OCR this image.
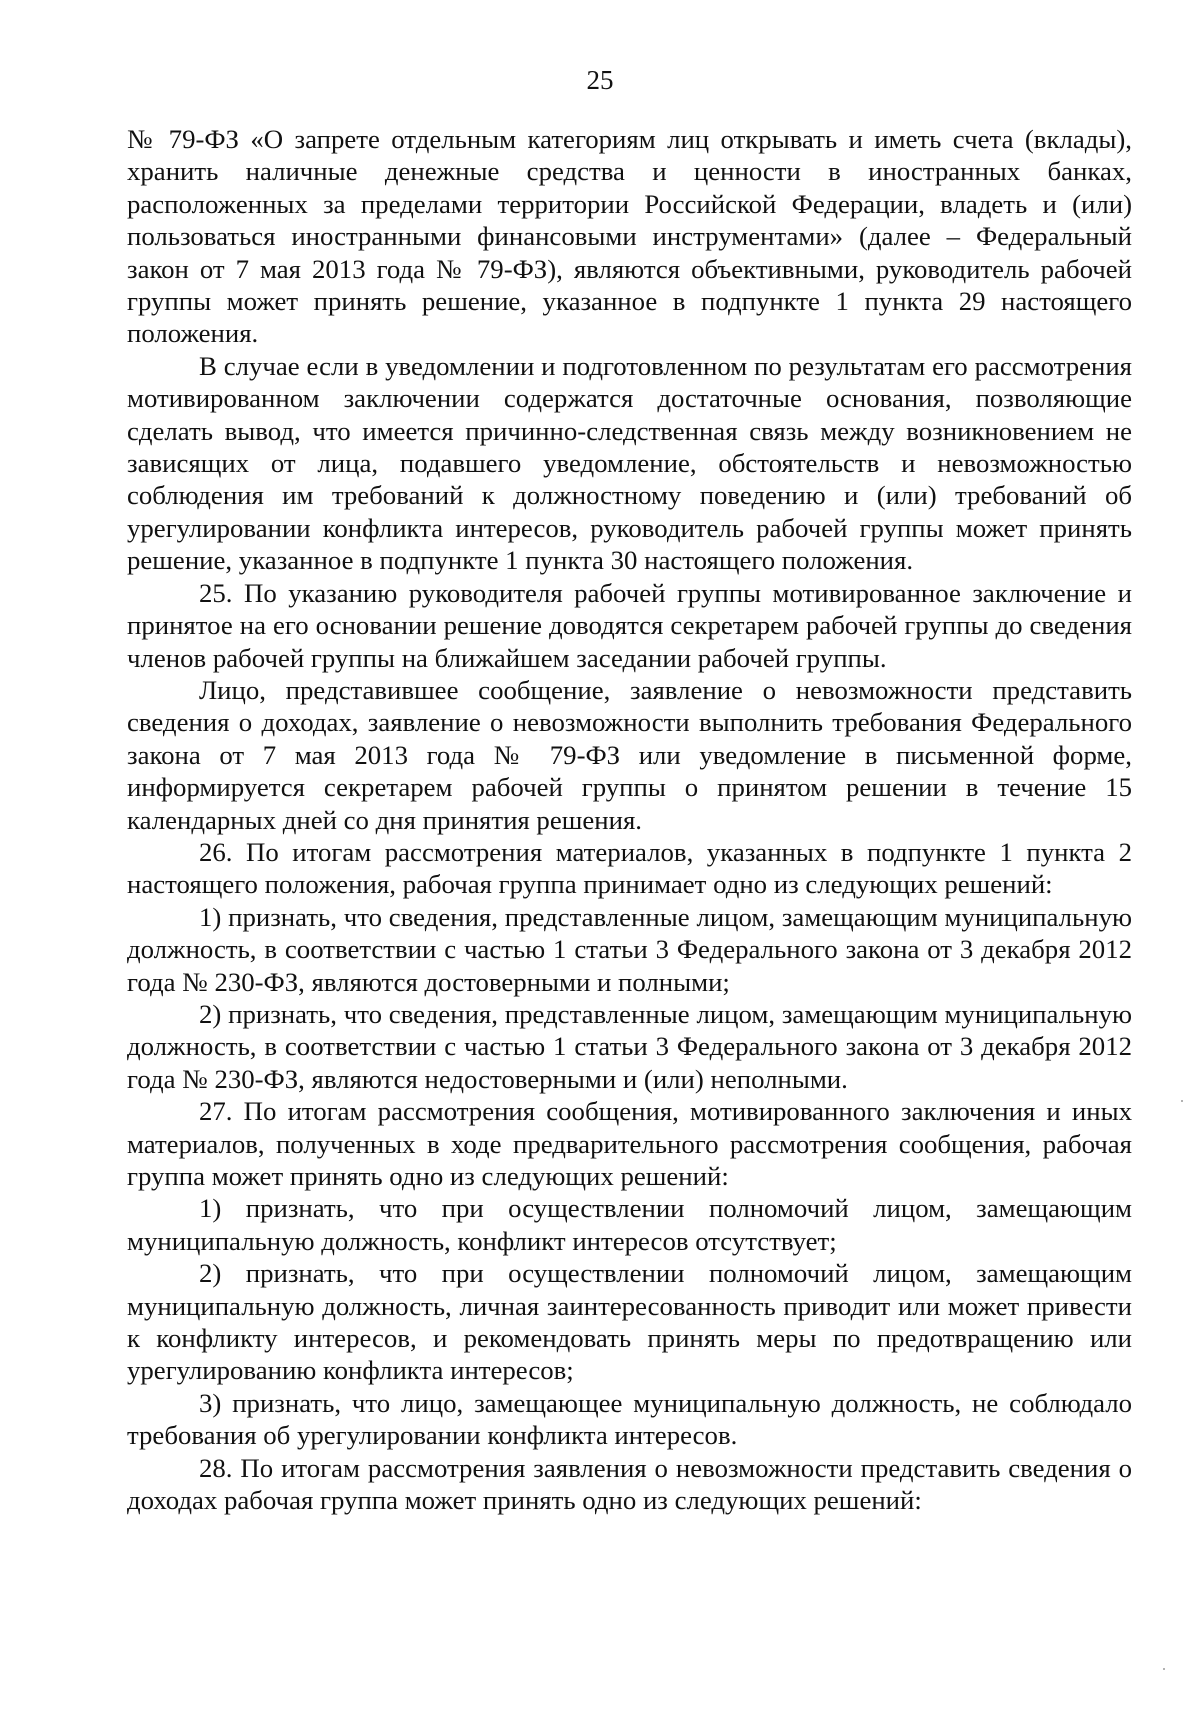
25

№ 79-ФЗ «О запрете отдельным категориям лиц открывать и иметь счета (вклады), хранить наличные денежные средства и ценности в иностранных банках, расположенных за пределами территории Российской Федерации, владеть и (или) пользоваться иностранными финансовыми инструментами» (далее – Федеральный закон от 7 мая 2013 года № 79-ФЗ), являются объективными, руководитель рабочей группы может принять решение, указанное в подпункте 1 пункта 29 настоящего положения.

В случае если в уведомлении и подготовленном по результатам его рассмотрения мотивированном заключении содержатся достаточные основания, позволяющие сделать вывод, что имеется причинно-следственная связь между возникновением не зависящих от лица, подавшего уведомление, обстоятельств и невозможностью соблюдения им требований к должностному поведению и (или) требований об урегулировании конфликта интересов, руководитель рабочей группы может принять решение, указанное в подпункте 1 пункта 30 настоящего положения.

25. По указанию руководителя рабочей группы мотивированное заключение и принятое на его основании решение доводятся секретарем рабочей группы до сведения членов рабочей группы на ближайшем заседании рабочей группы.

Лицо, представившее сообщение, заявление о невозможности представить сведения о доходах, заявление о невозможности выполнить требования Федерального закона от 7 мая 2013 года № 79-ФЗ или уведомление в письменной форме, информируется секретарем рабочей группы о принятом решении в течение 15 календарных дней со дня принятия решения.

26. По итогам рассмотрения материалов, указанных в подпункте 1 пункта 2 настоящего положения, рабочая группа принимает одно из следующих решений:

1) признать, что сведения, представленные лицом, замещающим муниципальную должность, в соответствии с частью 1 статьи 3 Федерального закона от 3 декабря 2012 года № 230-ФЗ, являются достоверными и полными;

2) признать, что сведения, представленные лицом, замещающим муниципальную должность, в соответствии с частью 1 статьи 3 Федерального закона от 3 декабря 2012 года № 230-ФЗ, являются недостоверными и (или) неполными.

27. По итогам рассмотрения сообщения, мотивированного заключения и иных материалов, полученных в ходе предварительного рассмотрения сообщения, рабочая группа может принять одно из следующих решений:

1) признать, что при осуществлении полномочий лицом, замещающим муниципальную должность, конфликт интересов отсутствует;

2) признать, что при осуществлении полномочий лицом, замещающим муниципальную должность, личная заинтересованность приводит или может привести к конфликту интересов, и рекомендовать принять меры по предотвращению или урегулированию конфликта интересов;

3) признать, что лицо, замещающее муниципальную должность, не соблюдало требования об урегулировании конфликта интересов.

28. По итогам рассмотрения заявления о невозможности представить сведения о доходах рабочая группа может принять одно из следующих решений:
